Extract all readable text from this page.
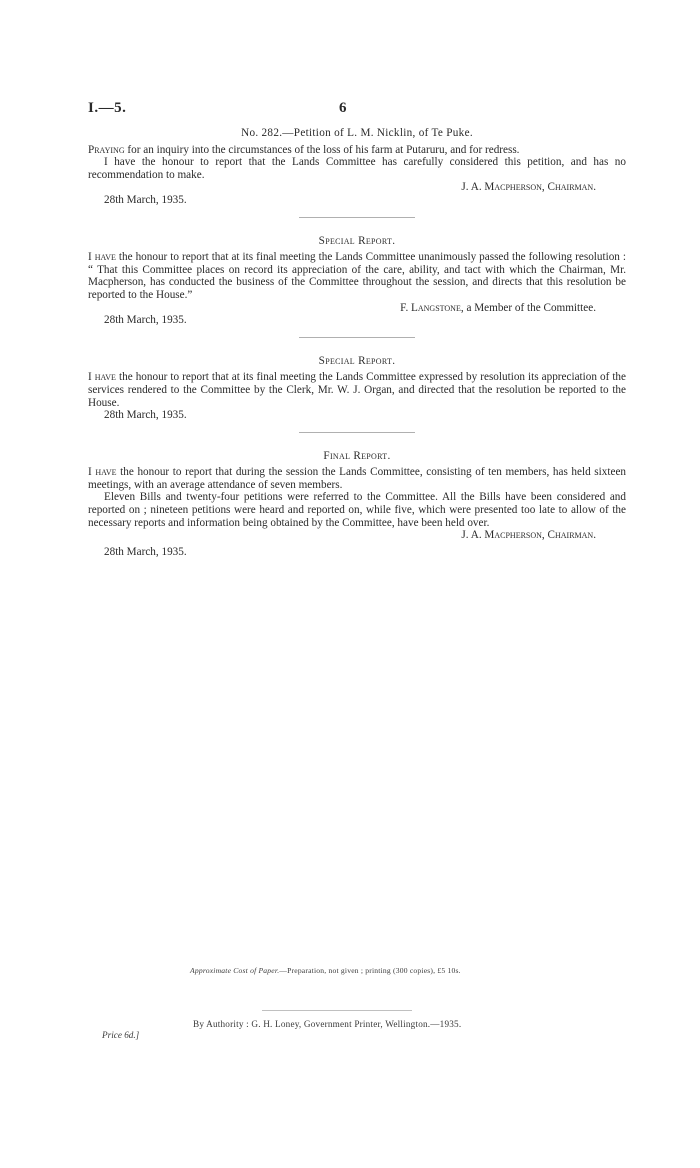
I.—5.	6
No. 282.—Petition of L. M. Nicklin, of Te Puke.

Praying for an inquiry into the circumstances of the loss of his farm at Putaruru, and for redress.

I have the honour to report that the Lands Committee has carefully considered this petition, and has no recommendation to make.

J. A. Macpherson, Chairman.
28th March, 1935.
Special Report.

I have the honour to report that at its final meeting the Lands Committee unanimously passed the following resolution : “ That this Committee places on record its appreciation of the care, ability, and tact with which the Chairman, Mr. Macpherson, has conducted the business of the Committee throughout the session, and directs that this resolution be reported to the House.”

F. Langstone, a Member of the Committee.
28th March, 1935.
Special Report.

I have the honour to report that at its final meeting the Lands Committee expressed by resolution its appreciation of the services rendered to the Committee by the Clerk, Mr. W. J. Organ, and directed that the resolution be reported to the House.

28th March, 1935.
Final Report.

I have the honour to report that during the session the Lands Committee, consisting of ten members, has held sixteen meetings, with an average attendance of seven members.

Eleven Bills and twenty-four petitions were referred to the Committee. All the Bills have been considered and reported on ; nineteen petitions were heard and reported on, while five, which were presented too late to allow of the necessary reports and information being obtained by the Committee, have been held over.

J. A. Macpherson, Chairman.
28th March, 1935.
Approximate Cost of Paper.—Preparation, not given ; printing (300 copies), £5 10s.
By Authority : G. H. Loney, Government Printer, Wellington.—1935.
Price 6d.]
